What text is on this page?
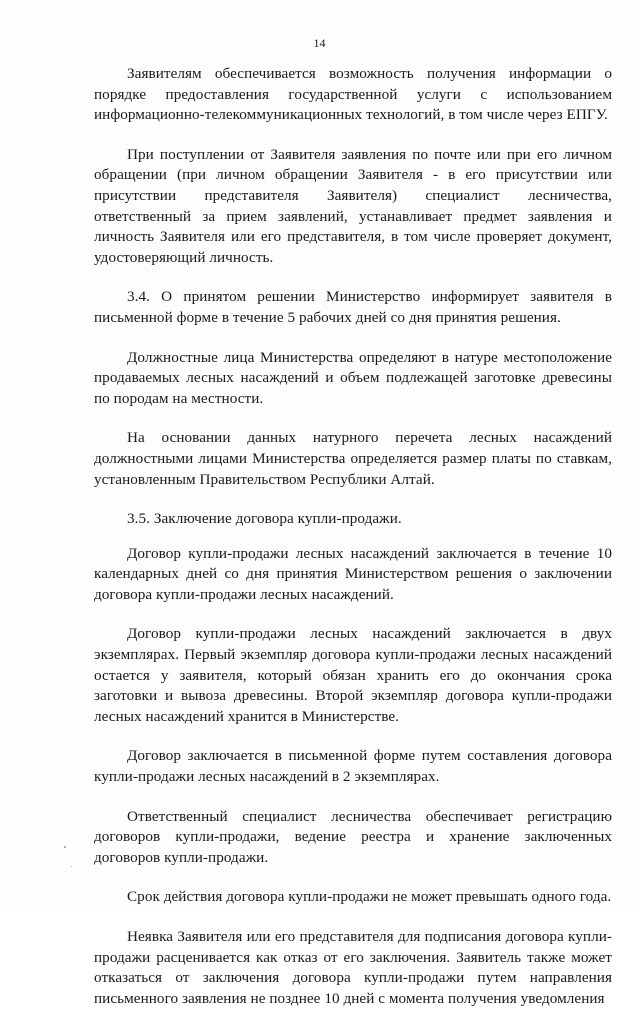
14

Заявителям обеспечивается возможность получения информации о порядке предоставления государственной услуги с использованием информационно-телекоммуникационных технологий, в том числе через ЕПГУ.

При поступлении от Заявителя заявления по почте или при его личном обращении (при личном обращении Заявителя - в его присутствии или присутствии представителя Заявителя) специалист лесничества, ответственный за прием заявлений, устанавливает предмет заявления и личность Заявителя или его представителя, в том числе проверяет документ, удостоверяющий личность.

3.4. О принятом решении Министерство информирует заявителя в письменной форме в течение 5 рабочих дней со дня принятия решения.

Должностные лица Министерства определяют в натуре местоположение продаваемых лесных насаждений и объем подлежащей заготовке древесины по породам на местности.

На основании данных натурного перечета лесных насаждений должностными лицами Министерства определяется размер платы по ставкам, установленным Правительством Республики Алтай.

3.5. Заключение договора купли-продажи.

Договор купли-продажи лесных насаждений заключается в течение 10 календарных дней со дня принятия Министерством решения о заключении договора купли-продажи лесных насаждений.

Договор купли-продажи лесных насаждений заключается в двух экземплярах. Первый экземпляр договора купли-продажи лесных насаждений остается у заявителя, который обязан хранить его до окончания срока заготовки и вывоза древесины. Второй экземпляр договора купли-продажи лесных насаждений хранится в Министерстве.

Договор заключается в письменной форме путем составления договора купли-продажи лесных насаждений в 2 экземплярах.

Ответственный специалист лесничества обеспечивает регистрацию договоров купли-продажи, ведение реестра и хранение заключенных договоров купли-продажи.

Срок действия договора купли-продажи не может превышать одного года.

Неявка Заявителя или его представителя для подписания договора купли-продажи расценивается как отказ от его заключения. Заявитель также может отказаться от заключения договора купли-продажи путем направления письменного заявления не позднее 10 дней с момента получения уведомления
